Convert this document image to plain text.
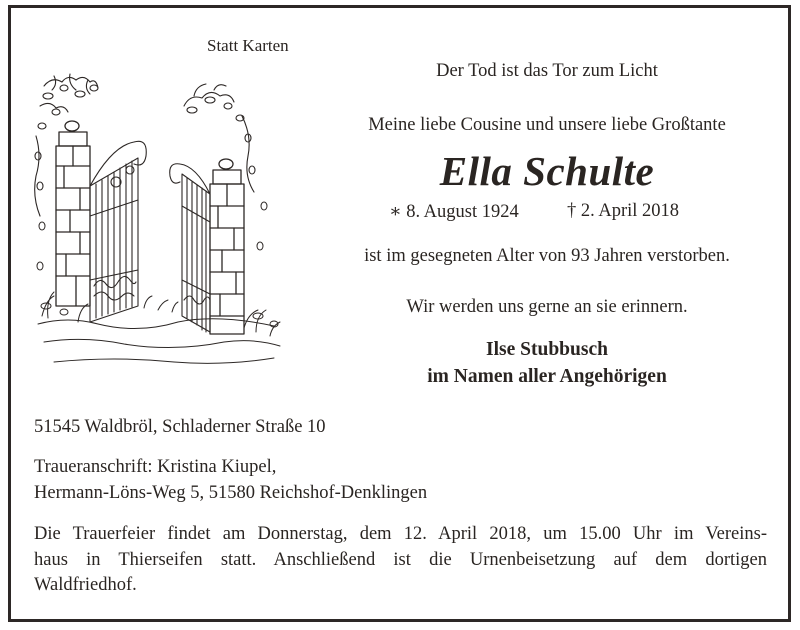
Statt Karten
Der Tod ist das Tor zum Licht
Meine liebe Cousine und unsere liebe Großtante
Ella Schulte
∗ 8. August 1924	† 2. April 2018
ist im gesegneten Alter von 93 Jahren verstorben.
Wir werden uns gerne an sie erinnern.
Ilse Stubbusch
im Namen aller Angehörigen
51545 Waldbröl, Schladerner Straße 10
Traueranschrift: Kristina Kiupel,
Hermann-Löns-Weg 5, 51580 Reichshof-Denklingen
Die Trauerfeier findet am Donnerstag, dem 12. April 2018, um 15.00 Uhr im Vereins-
haus in Thierseifen statt. Anschließend ist die Urnenbeisetzung auf dem dortigen
Waldfriedhof.
